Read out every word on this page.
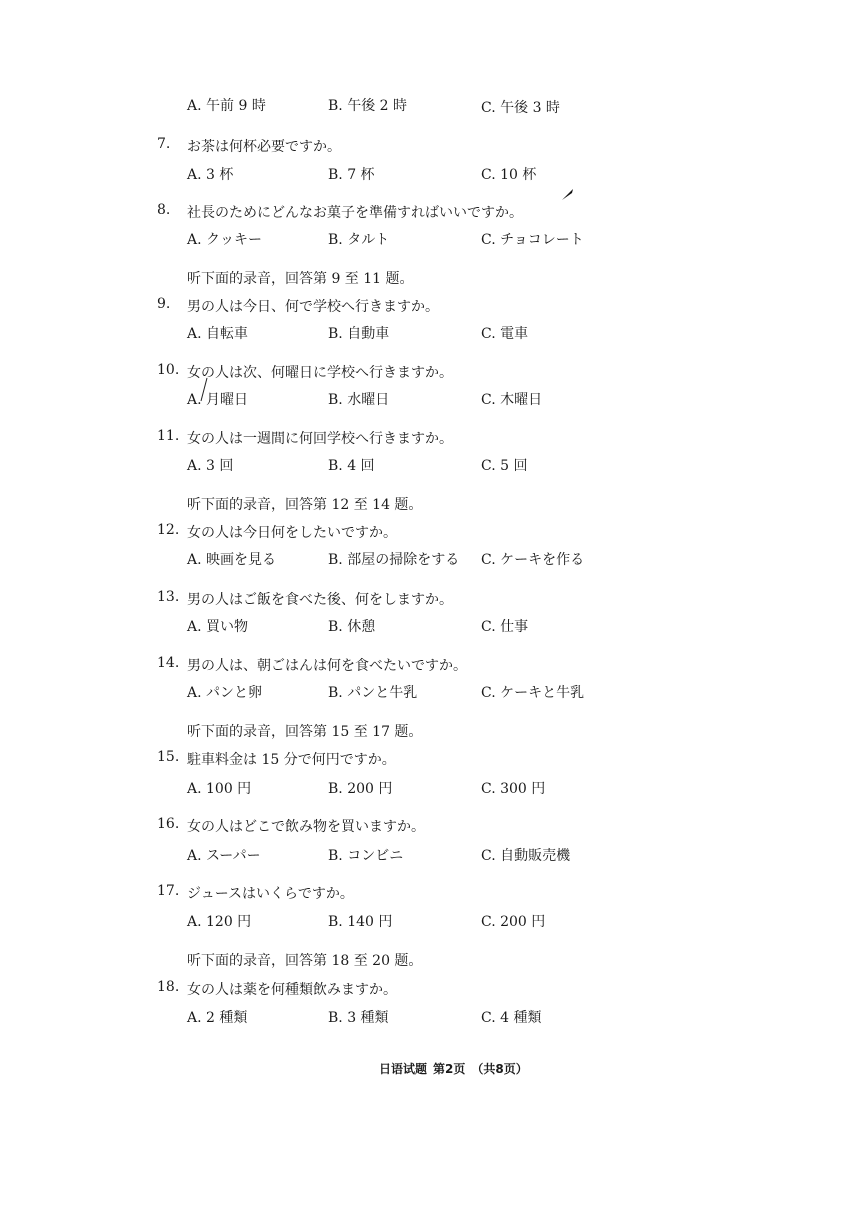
A. 午前 9 時	B. 午後 2 時	C. 午後 3 時
7. お茶は何杯必要ですか。
A. 3 杯	B. 7 杯	C. 10 杯
8. 社長のためにどんなお菓子を準備すればいいですか。
A. クッキー	B. タルト	C. チョコレート
听下面的录音，回答第 9 至 11 题。
9. 男の人は今日、何で学校へ行きますか。
A. 自転車	B. 自動車	C. 電車
10. 女の人は次、何曜日に学校へ行きますか。
A. 月曜日	B. 水曜日	C. 木曜日
11. 女の人は一週間に何回学校へ行きますか。
A. 3 回	B. 4 回	C. 5 回
听下面的录音，回答第 12 至 14 题。
12. 女の人は今日何をしたいですか。
A. 映画を見る	B. 部屋の掃除をする C. ケーキを作る
13. 男の人はご飯を食べた後、何をしますか。
A. 買い物	B. 休憩	C. 仕事
14. 男の人は、朝ごはんは何を食べたいですか。
A. パンと卵	B. パンと牛乳	C. ケーキと牛乳
听下面的录音，回答第 15 至 17 题。
15. 駐車料金は 15 分で何円ですか。
A. 100 円	B. 200 円	C. 300 円
16. 女の人はどこで飲み物を買いますか。
A. スーパー	B. コンビニ	C. 自動販売機
17. ジュースはいくらですか。
A. 120 円	B. 140 円	C. 200 円
听下面的录音，回答第 18 至 20 题。
18. 女の人は薬を何種類飲みますか。
A. 2 種類	B. 3 種類	C. 4 種類
日语试题 第2页 （共8页）
